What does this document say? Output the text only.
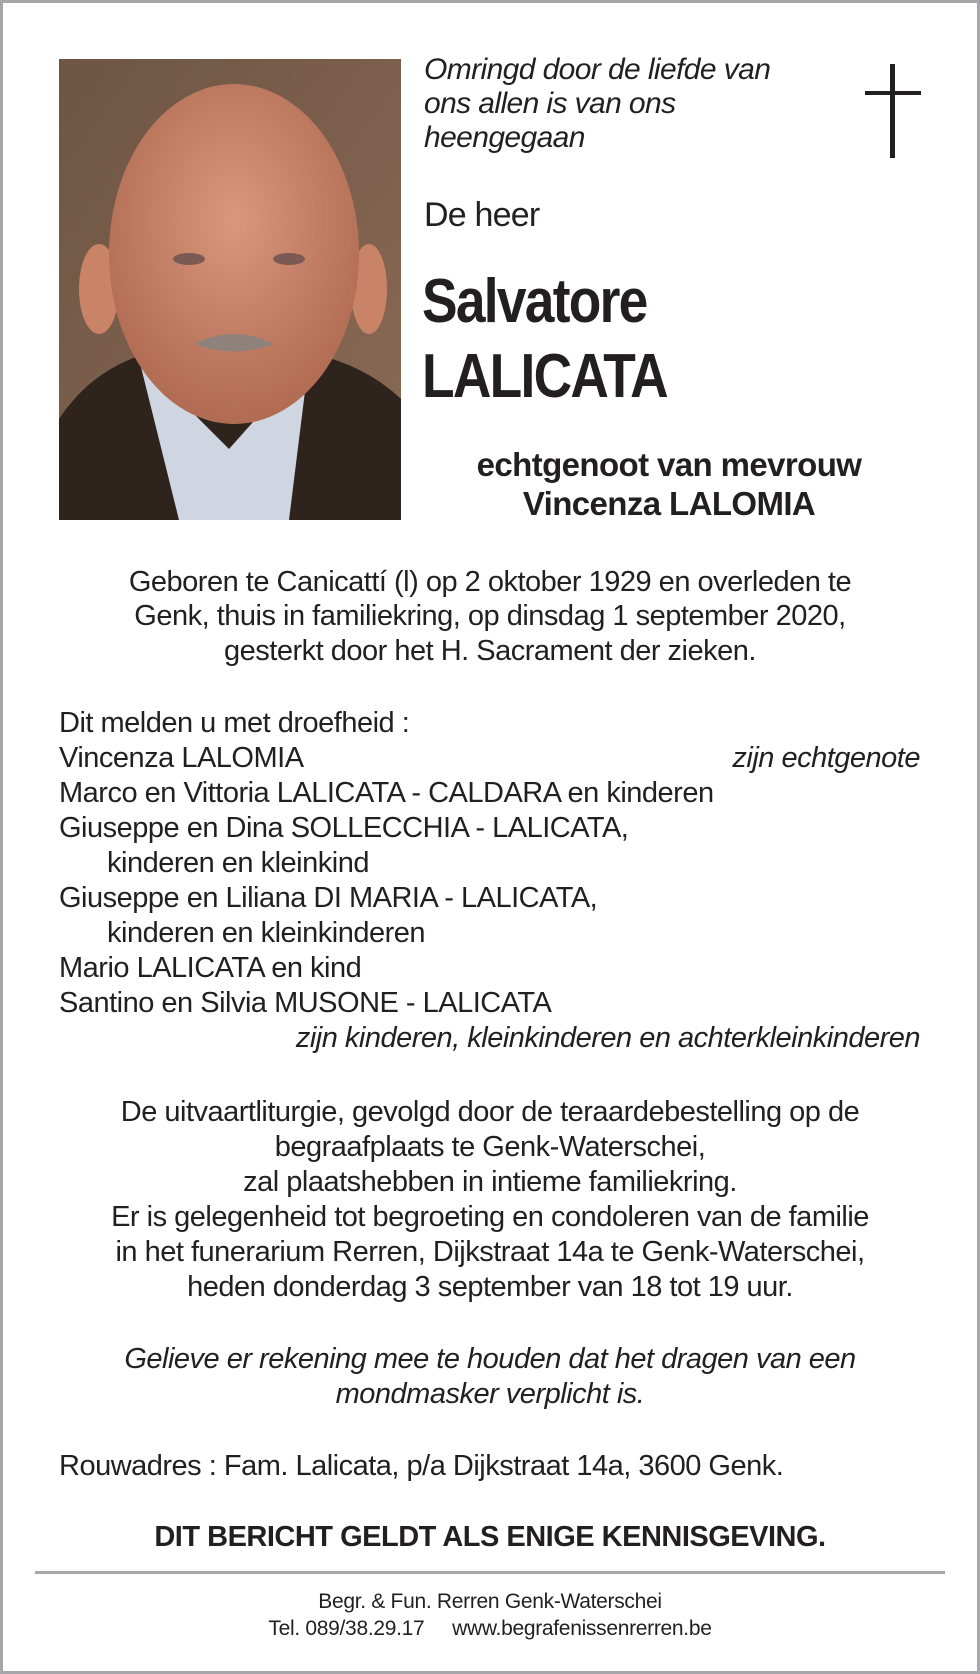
Omringd door de liefde van
ons allen is van ons
heengegaan
De heer
Salvatore
LALICATA
echtgenoot van mevrouw
Vincenza LALOMIA
Geboren te Canicattí (l) op 2 oktober 1929 en overleden te
Genk, thuis in familiekring, op dinsdag 1 september 2020,
gesterkt door het H. Sacrament der zieken.
Dit melden u met droefheid :
Vincenza LALOMIA	zijn echtgenote
Marco en Vittoria LALICATA - CALDARA en kinderen
Giuseppe en Dina SOLLECCHIA - LALICATA,
kinderen en kleinkind
Giuseppe en Liliana DI MARIA - LALICATA,
kinderen en kleinkinderen
Mario LALICATA en kind
Santino en Silvia MUSONE - LALICATA
zijn kinderen, kleinkinderen en achterkleinkinderen
De uitvaartliturgie, gevolgd door de teraardebestelling op de
begraafplaats te Genk-Waterschei,
zal plaatshebben in intieme familiekring.
Er is gelegenheid tot begroeting en condoleren van de familie
in het funerarium Rerren, Dijkstraat 14a te Genk-Waterschei,
heden donderdag 3 september van 18 tot 19 uur.
Gelieve er rekening mee te houden dat het dragen van een
mondmasker verplicht is.
Rouwadres : Fam. Lalicata, p/a Dijkstraat 14a, 3600 Genk.
DIT BERICHT GELDT ALS ENIGE KENNISGEVING.
Begr. & Fun. Rerren Genk-Waterschei
Tel. 089/38.29.17 www.begrafenissenrerren.be
